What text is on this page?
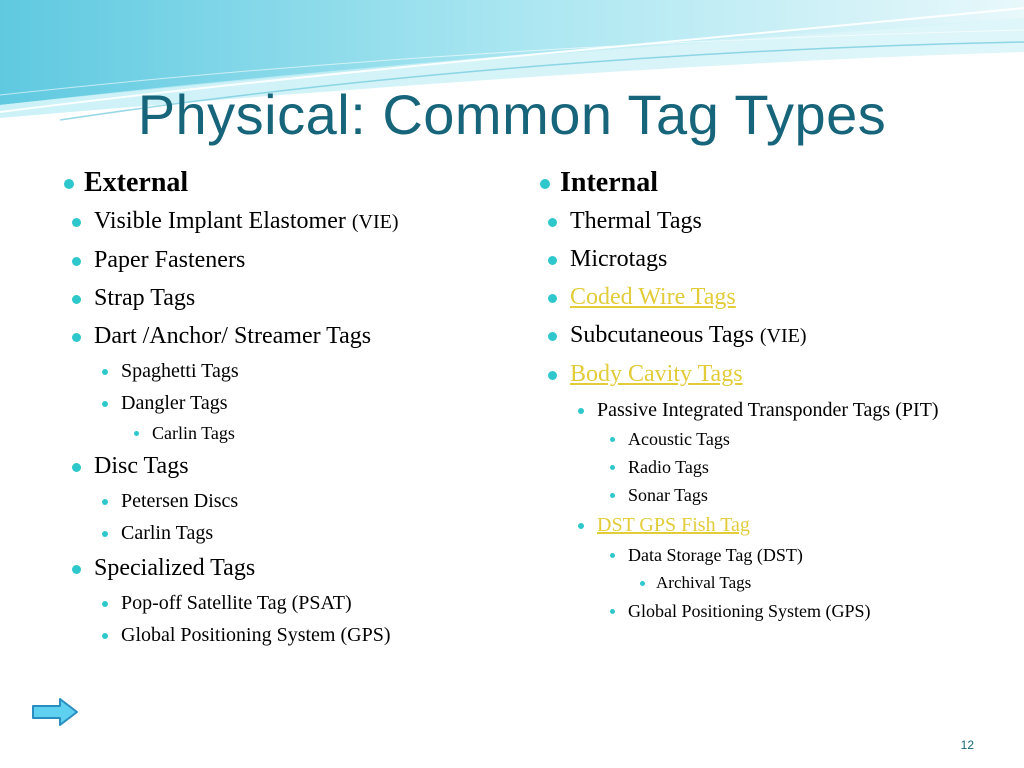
Physical: Common Tag Types
External
Visible Implant Elastomer (VIE)
Paper Fasteners
Strap Tags
Dart /Anchor/ Streamer Tags
Spaghetti Tags
Dangler Tags
Carlin Tags
Disc Tags
Petersen Discs
Carlin Tags
Specialized Tags
Pop-off Satellite Tag (PSAT)
Global Positioning System (GPS)
Internal
Thermal Tags
Microtags
Coded Wire Tags
Subcutaneous Tags (VIE)
Body Cavity Tags
Passive Integrated Transponder Tags (PIT)
Acoustic Tags
Radio Tags
Sonar Tags
DST GPS Fish Tag
Data Storage Tag (DST)
Archival Tags
Global Positioning System (GPS)
12
